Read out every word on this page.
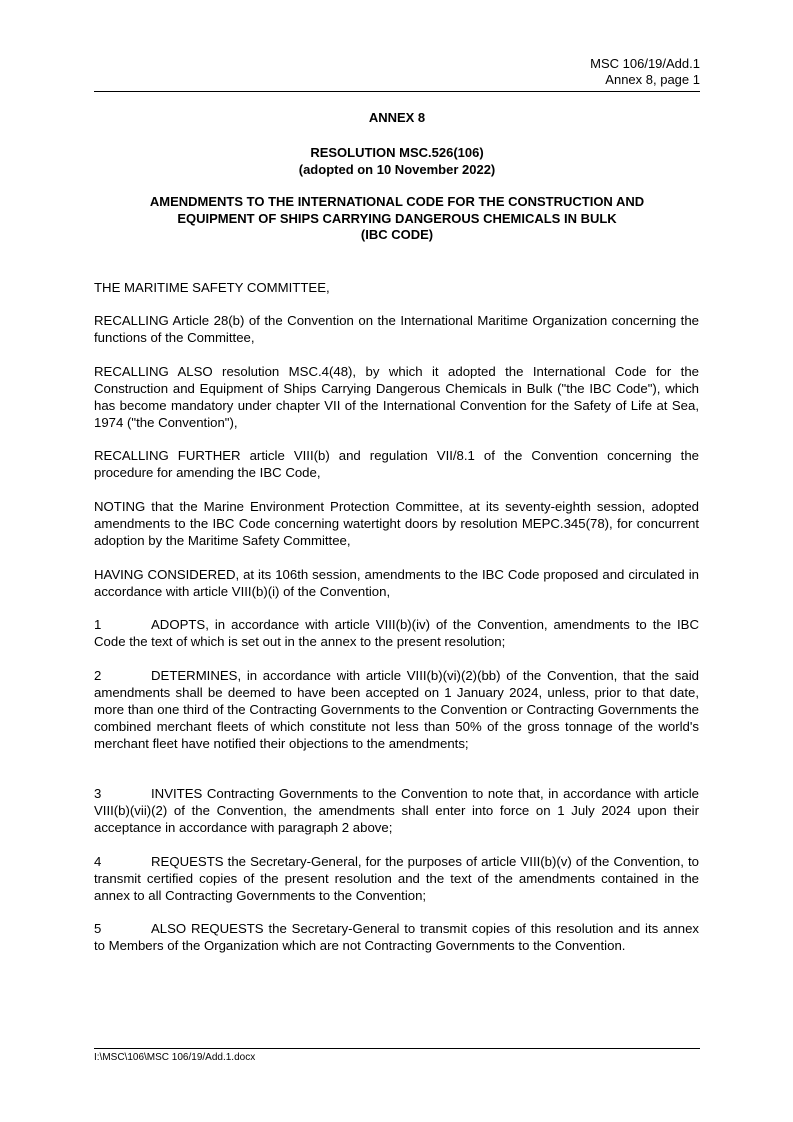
MSC 106/19/Add.1
Annex 8, page 1
ANNEX 8
RESOLUTION MSC.526(106)
(adopted on 10 November 2022)
AMENDMENTS TO THE INTERNATIONAL CODE FOR THE CONSTRUCTION AND
EQUIPMENT OF SHIPS CARRYING DANGEROUS CHEMICALS IN BULK
(IBC CODE)

THE MARITIME SAFETY COMMITTEE,

RECALLING Article 28(b) of the Convention on the International Maritime Organization concerning the functions of the Committee,

RECALLING ALSO resolution MSC.4(48), by which it adopted the International Code for the Construction and Equipment of Ships Carrying Dangerous Chemicals in Bulk ("the IBC Code"), which has become mandatory under chapter VII of the International Convention for the Safety of Life at Sea, 1974 ("the Convention"),

RECALLING FURTHER article VIII(b) and regulation VII/8.1 of the Convention concerning the procedure for amending the IBC Code,

NOTING that the Marine Environment Protection Committee, at its seventy-eighth session, adopted amendments to the IBC Code concerning watertight doors by resolution MEPC.345(78), for concurrent adoption by the Maritime Safety Committee,

HAVING CONSIDERED, at its 106th session, amendments to the IBC Code proposed and circulated in accordance with article VIII(b)(i) of the Convention,

1	ADOPTS, in accordance with article VIII(b)(iv) of the Convention, amendments to the IBC Code the text of which is set out in the annex to the present resolution;

2	DETERMINES, in accordance with article VIII(b)(vi)(2)(bb) of the Convention, that the said amendments shall be deemed to have been accepted on 1 January 2024, unless, prior to that date, more than one third of the Contracting Governments to the Convention or Contracting Governments the combined merchant fleets of which constitute not less than 50% of the gross tonnage of the world's merchant fleet have notified their objections to the amendments;

3	INVITES Contracting Governments to the Convention to note that, in accordance with article VIII(b)(vii)(2) of the Convention, the amendments shall enter into force on 1 July 2024 upon their acceptance in accordance with paragraph 2 above;

4	REQUESTS the Secretary-General, for the purposes of article VIII(b)(v) of the Convention, to transmit certified copies of the present resolution and the text of the amendments contained in the annex to all Contracting Governments to the Convention;

5	ALSO REQUESTS the Secretary-General to transmit copies of this resolution and its annex to Members of the Organization which are not Contracting Governments to the Convention.

I:\MSC\106\MSC 106/19/Add.1.docx
